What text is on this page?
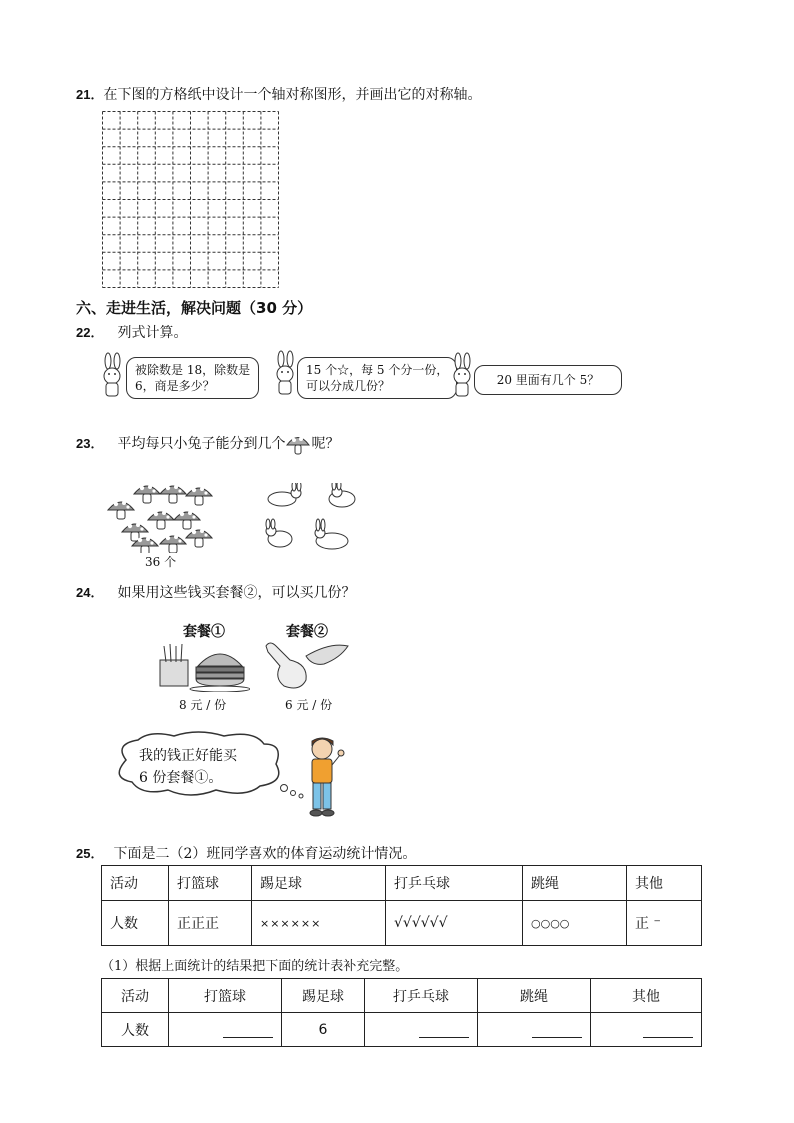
21．在下图的方格纸中设计一个轴对称图形，并画出它的对称轴。
六、走进生活，解决问题（30 分）
22． 列式计算。
被除数是 18，除数是
6，商是多少？
15 个☆，每 5 个分一份，
可以分成几份？	20 里面有几个 5？
23． 平均每只小兔子能分到几个 呢？
36 个
24． 如果用这些钱买套餐②，可以买几份？
套餐①
8 元 / 份
套餐②
6 元 / 份
我的钱正好能买
6 份套餐①。
25． 下面是二（2）班同学喜欢的体育运动统计情况。
活动	打篮球	踢足球	打乒乓球	跳绳	其他
人数	正正正	××××××	√√√√√√	○○○○	正 ⁻
（1）根据上面统计的结果把下面的统计表补充完整。
活动	打篮球	踢足球	打乒乓球	跳绳	其他
人数		6			
